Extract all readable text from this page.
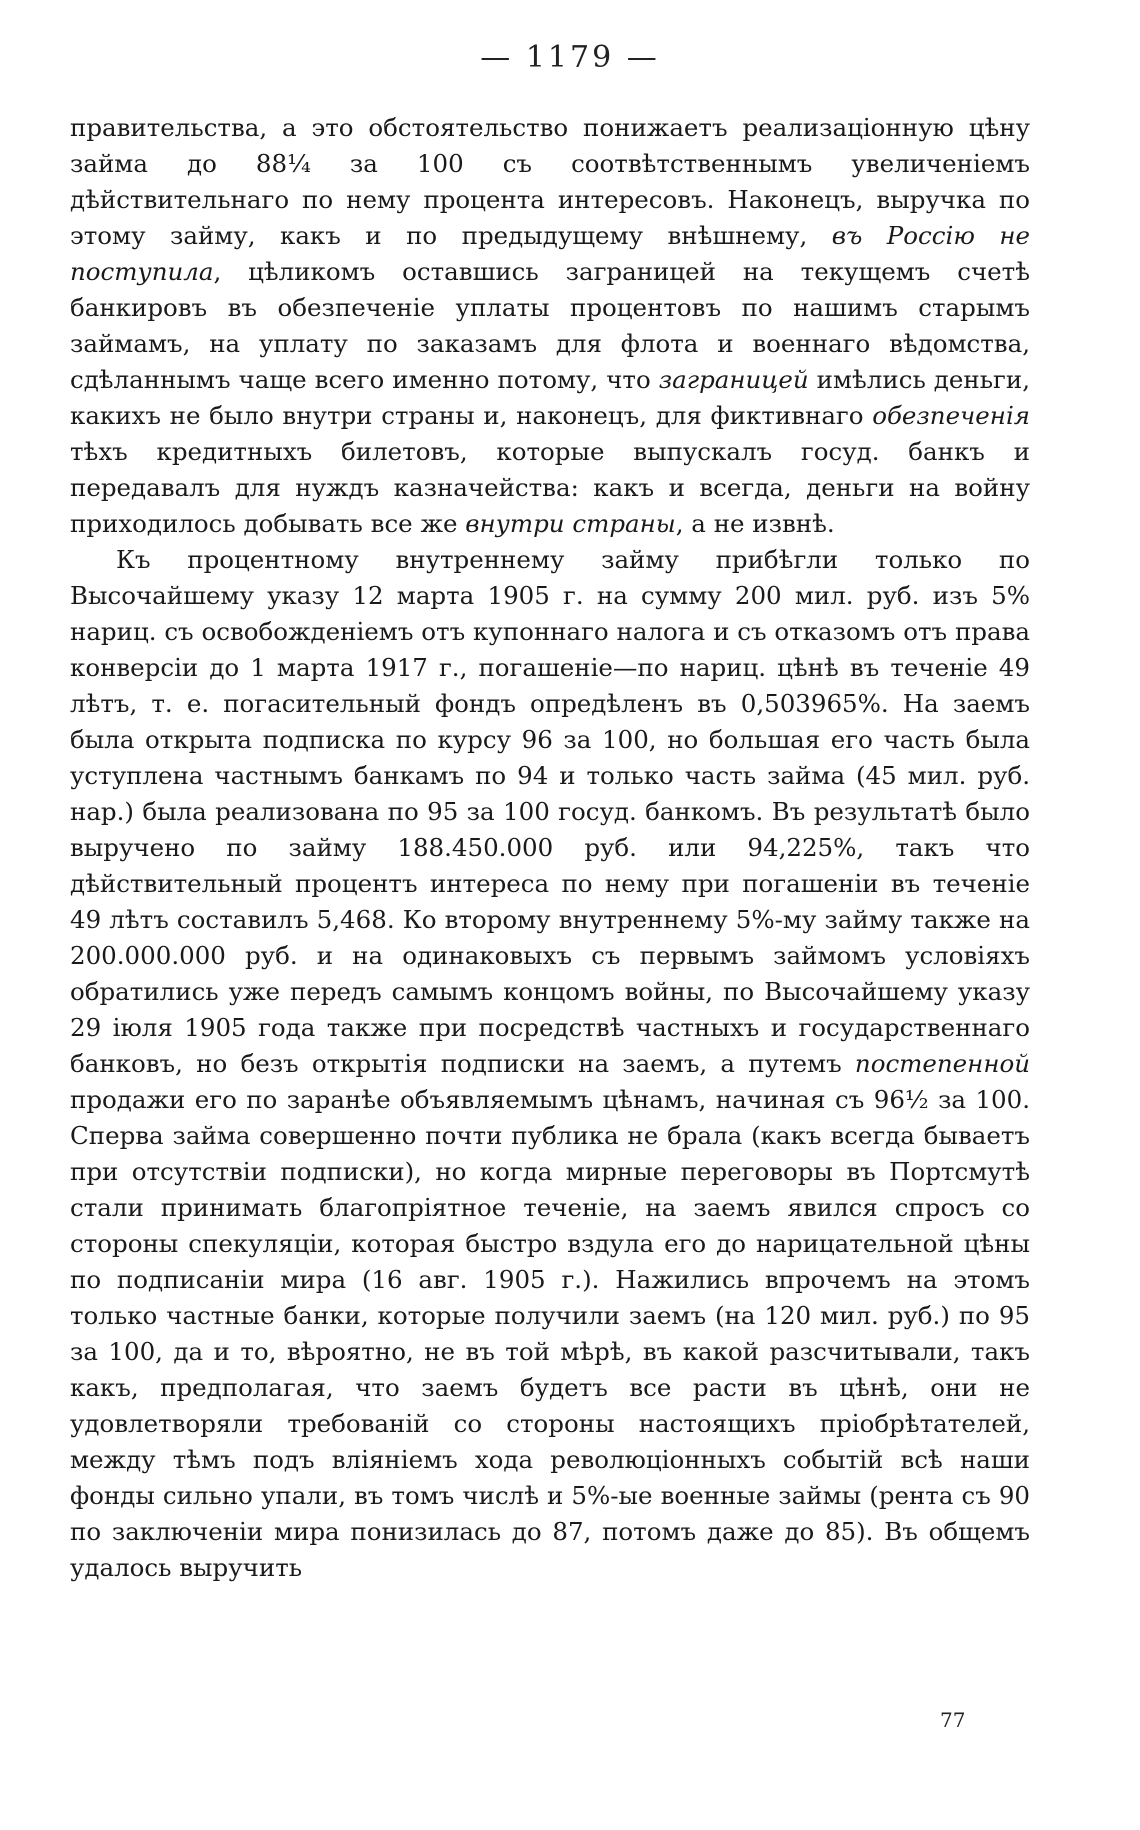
— 1179 —

правительства, а это обстоятельство понижаетъ реализаціонную цѣну займа до 88¼ за 100 съ соотвѣтственнымъ увеличеніемъ дѣйствительнаго по нему процента интересовъ. Наконецъ, выручка по этому займу, какъ и по предыдущему внѣшнему, въ Россію не поступила, цѣликомъ оставшись заграницей на текущемъ счетѣ банкировъ въ обезпеченіе уплаты процентовъ по нашимъ старымъ займамъ, на уплату по заказамъ для флота и военнаго вѣдомства, сдѣланнымъ чаще всего именно потому, что заграницей имѣлись деньги, какихъ не было внутри страны и, наконецъ, для фиктивнаго обезпеченія тѣхъ кредитныхъ билетовъ, которые выпускалъ госуд. банкъ и передавалъ для нуждъ казначейства: какъ и всегда, деньги на войну приходилось добывать все же внутри страны, а не извнѣ.

Къ процентному внутреннему займу прибѣгли только по Высочайшему указу 12 марта 1905 г. на сумму 200 мил. руб. изъ 5% нариц. съ освобожденіемъ отъ купоннаго налога и съ отказомъ отъ права конверсіи до 1 марта 1917 г., погашеніе—по нариц. цѣнѣ въ теченіе 49 лѣтъ, т. е. погасительный фондъ опредѣленъ въ 0,503965%. На заемъ была открыта подписка по курсу 96 за 100, но большая его часть была уступлена частнымъ банкамъ по 94 и только часть займа (45 мил. руб. нар.) была реализована по 95 за 100 госуд. банкомъ. Въ результатѣ было выручено по займу 188.450.000 руб. или 94,225%, такъ что дѣйствительный процентъ интереса по нему при погашеніи въ теченіе 49 лѣтъ составилъ 5,468. Ко второму внутреннему 5%-му займу также на 200.000.000 руб. и на одинаковыхъ съ первымъ займомъ условіяхъ обратились уже передъ самымъ концомъ войны, по Высочайшему указу 29 іюля 1905 года также при посредствѣ частныхъ и государственнаго банковъ, но безъ открытія подписки на заемъ, а путемъ постепенной продажи его по заранѣе объявляемымъ цѣнамъ, начиная съ 96½ за 100. Сперва займа совершенно почти публика не брала (какъ всегда бываетъ при отсутствіи подписки), но когда мирные переговоры въ Портсмутѣ стали принимать благопріятное теченіе, на заемъ явился спросъ со стороны спекуляціи, которая быстро вздула его до нарицательной цѣны по подписаніи мира (16 авг. 1905 г.). Нажились впрочемъ на этомъ только частные банки, которые получили заемъ (на 120 мил. руб.) по 95 за 100, да и то, вѣроятно, не въ той мѣрѣ, въ какой разсчитывали, такъ какъ, предполагая, что заемъ будетъ все расти въ цѣнѣ, они не удовлетворяли требованій со стороны настоящихъ пріобрѣтателей, между тѣмъ подъ вліяніемъ хода революціонныхъ событій всѣ наши фонды сильно упали, въ томъ числѣ и 5%-ые военные займы (рента съ 90 по заключеніи мира понизилась до 87, потомъ даже до 85). Въ общемъ удалось выручить

77
